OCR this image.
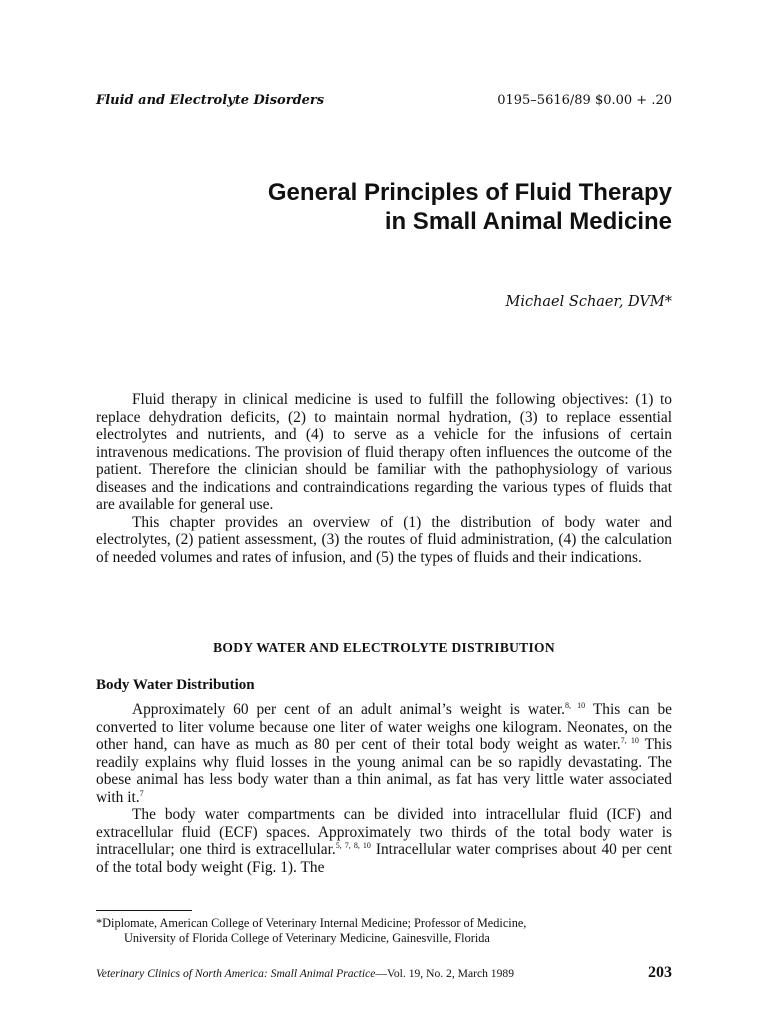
Fluid and Electrolyte Disorders	0195–5616/89 $0.00 + .20
General Principles of Fluid Therapy
in Small Animal Medicine

Michael Schaer, DVM*

Fluid therapy in clinical medicine is used to fulfill the following objectives: (1) to replace dehydration deficits, (2) to maintain normal hydration, (3) to replace essential electrolytes and nutrients, and (4) to serve as a vehicle for the infusions of certain intravenous medications. The provision of fluid therapy often influences the outcome of the patient. Therefore the clinician should be familiar with the pathophysiology of various diseases and the indications and contraindications regarding the various types of fluids that are available for general use.

This chapter provides an overview of (1) the distribution of body water and electrolytes, (2) patient assessment, (3) the routes of fluid administration, (4) the calculation of needed volumes and rates of infusion, and (5) the types of fluids and their indications.

BODY WATER AND ELECTROLYTE DISTRIBUTION
Body Water Distribution

Approximately 60 per cent of an adult animal’s weight is water.$^{8, 10}$ This can be converted to liter volume because one liter of water weighs one kilogram. Neonates, on the other hand, can have as much as 80 per cent of their total body weight as water.$^{7, 10}$ This readily explains why fluid losses in the young animal can be so rapidly devastating. The obese animal has less body water than a thin animal, as fat has very little water associated with it.$^7$

The body water compartments can be divided into intracellular fluid (ICF) and extracellular fluid (ECF) spaces. Approximately two thirds of the total body water is intracellular; one third is extracellular.$^{5, 7, 8, 10}$ Intracellular water comprises about 40 per cent of the total body weight (Fig. 1). The

*Diplomate, American College of Veterinary Internal Medicine; Professor of Medicine,
University of Florida College of Veterinary Medicine, Gainesville, Florida
Veterinary Clinics of North America: Small Animal Practice—Vol. 19, No. 2, March 1989	203
